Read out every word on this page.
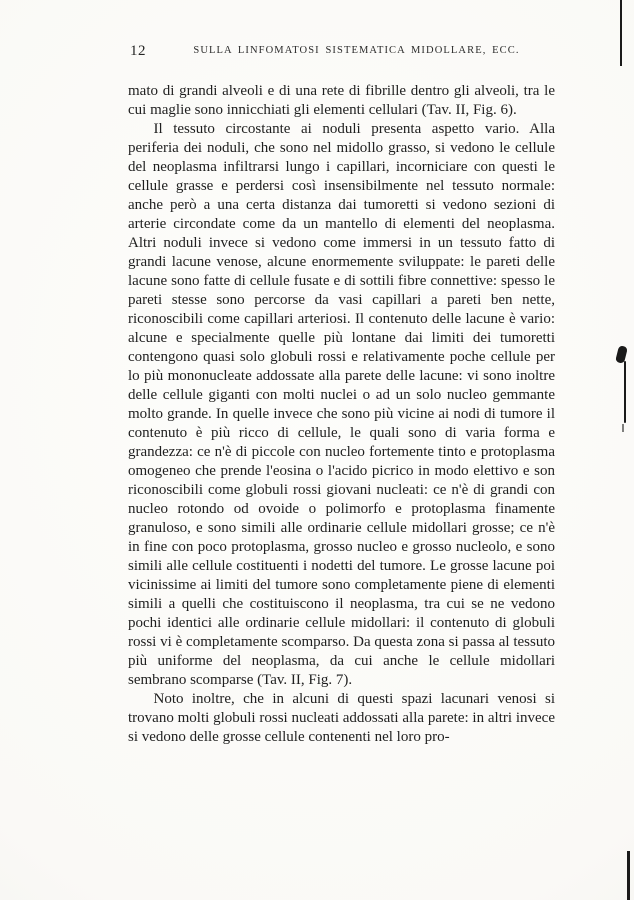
12	SULLA LINFOMATOSI SISTEMATICA MIDOLLARE, ECC.

mato di grandi alveoli e di una rete di fibrille dentro gli alveoli, tra le cui maglie sono innicchiati gli elementi cellulari (Tav. II, Fig. 6).

Il tessuto circostante ai noduli presenta aspetto vario. Alla periferia dei noduli, che sono nel midollo grasso, si vedono le cellule del neoplasma infiltrarsi lungo i capillari, incorniciare con questi le cellule grasse e perdersi così insensibilmente nel tessuto normale: anche però a una certa distanza dai tumoretti si vedono sezioni di arterie circondate come da un mantello di elementi del neoplasma. Altri noduli invece si vedono come immersi in un tessuto fatto di grandi lacune venose, alcune enormemente sviluppate: le pareti delle lacune sono fatte di cellule fusate e di sottili fibre connettive: spesso le pareti stesse sono percorse da vasi capillari a pareti ben nette, riconoscibili come capillari arteriosi. Il contenuto delle lacune è vario: alcune e specialmente quelle più lontane dai limiti dei tumoretti contengono quasi solo globuli rossi e relativamente poche cellule per lo più mononucleate addossate alla parete delle lacune: vi sono inoltre delle cellule giganti con molti nuclei o ad un solo nucleo gemmante molto grande. In quelle invece che sono più vicine ai nodi di tumore il contenuto è più ricco di cellule, le quali sono di varia forma e grandezza: ce n'è di piccole con nucleo fortemente tinto e protoplasma omogeneo che prende l'eosina o l'acido picrico in modo elettivo e son riconoscibili come globuli rossi giovani nucleati: ce n'è di grandi con nucleo rotondo od ovoide o polimorfo e protoplasma finamente granuloso, e sono simili alle ordinarie cellule midollari grosse; ce n'è in fine con poco protoplasma, grosso nucleo e grosso nucleolo, e sono simili alle cellule costituenti i nodetti del tumore. Le grosse lacune poi vicinissime ai limiti del tumore sono completamente piene di elementi simili a quelli che costituiscono il neoplasma, tra cui se ne vedono pochi identici alle ordinarie cellule midollari: il contenuto di globuli rossi vi è completamente scomparso. Da questa zona si passa al tessuto più uniforme del neoplasma, da cui anche le cellule midollari sembrano scomparse (Tav. II, Fig. 7).

Noto inoltre, che in alcuni di questi spazi lacunari venosi si trovano molti globuli rossi nucleati addossati alla parete: in altri invece si vedono delle grosse cellule contenenti nel loro pro-
